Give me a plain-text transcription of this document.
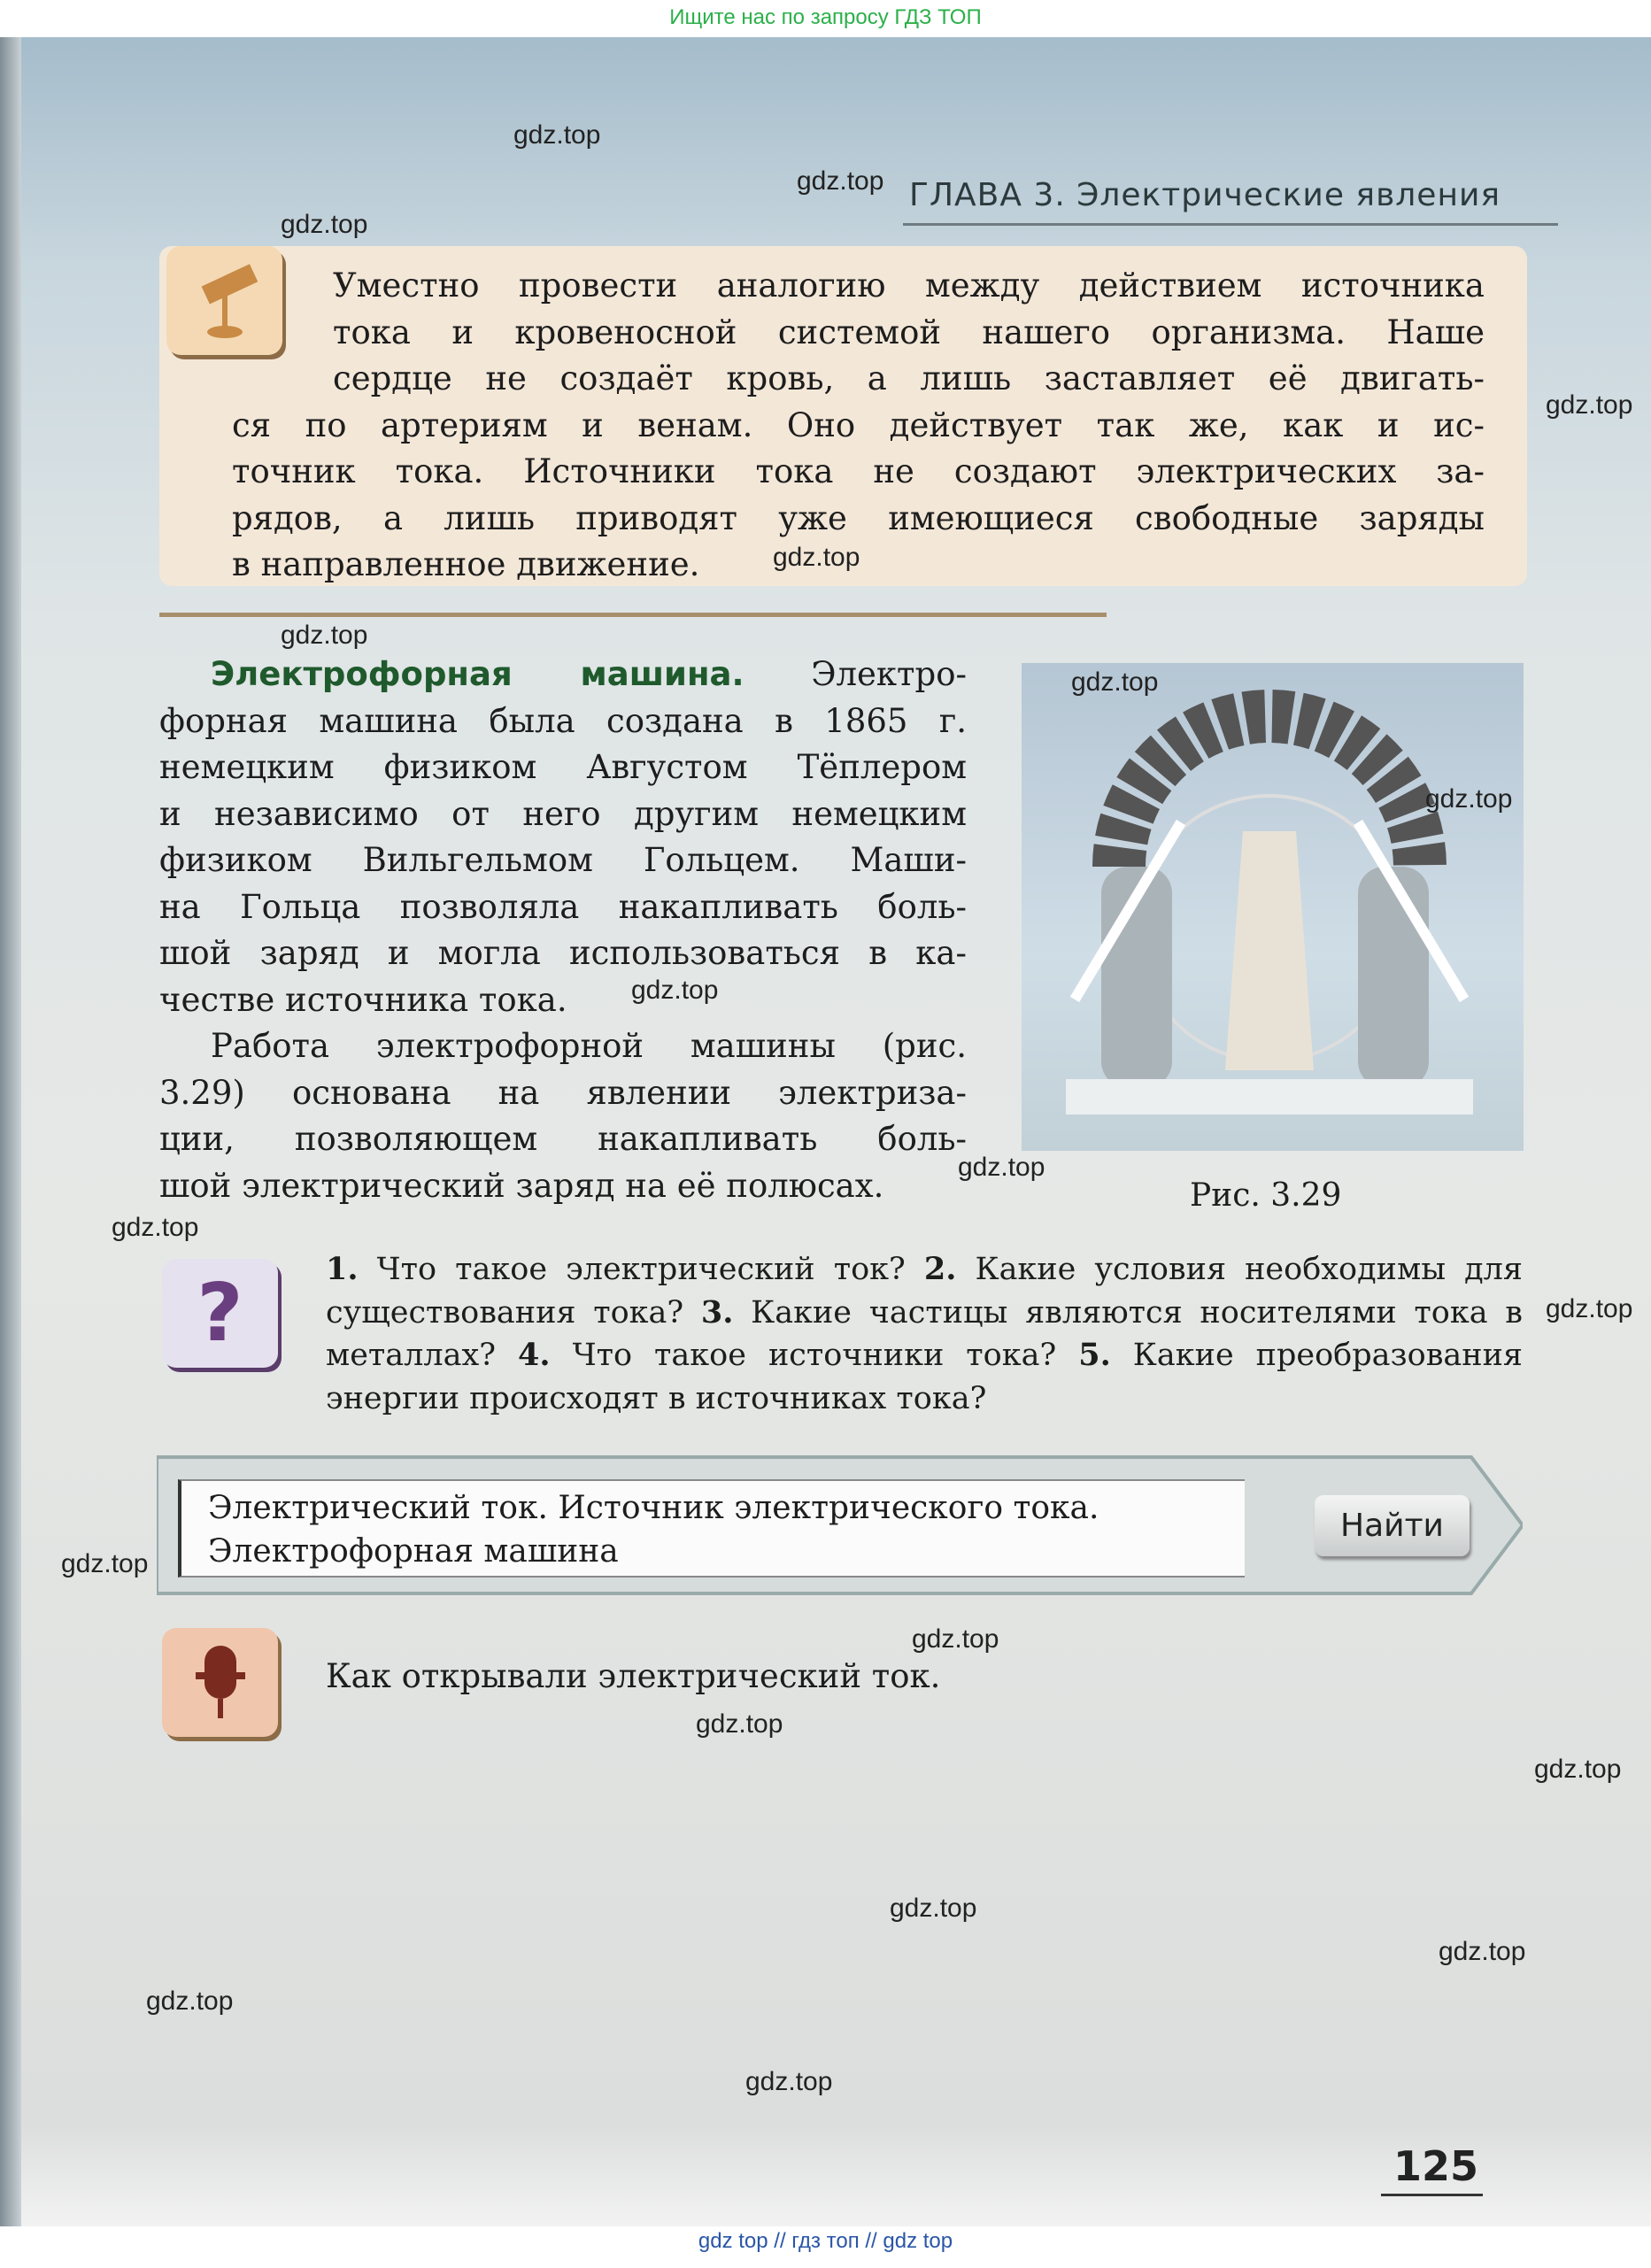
Ищите нас по запросу ГДЗ ТОП
ГЛАВА 3. Электрические явления
Уместно провести аналогию между действием источника
тока и кровеносной системой нашего организма. Наше
сердце не создаёт кровь, а лишь заставляет её двигать-
ся по артериям и венам. Оно действует так же, как и ис-
точник тока. Источники тока не создают электрических за-
рядов, а лишь приводят уже имеющиеся свободные заряды
в направленное движение.
Электрофорная машина. Электро-
форная машина была создана в 1865 г.
немецким физиком Августом Тёплером
и независимо от него другим немецким
физиком Вильгельмом Гольцем. Маши-
на Гольца позволяла накапливать боль-
шой заряд и могла использоваться в ка-
честве источника тока.
Работа электрофорной машины (рис.
3.29) основана на явлении электриза-
ции, позволяющем накапливать боль-
шой электрический заряд на её полюсах.	Рис. 3.29
?	1. Что такое электрический ток? 2. Какие условия необходимы для существования тока? 3. Какие частицы являются носителями тока в металлах? 4. Что такое источники тока? 5. Какие преобразования энергии происходят в источниках тока?
Электрический ток. Источник электрического тока.
Электрофорная машина
Найти
Как открывали электрический ток.
125
gdz top // гдз топ // gdz top
gdz.top
gdz.top
gdz.top
gdz.top
gdz.top
gdz.top
gdz.top
gdz.top
gdz.top
gdz.top
gdz.top
gdz.top
gdz.top
gdz.top
gdz.top
gdz.top
gdz.top
gdz.top
gdz.top
gdz.top
